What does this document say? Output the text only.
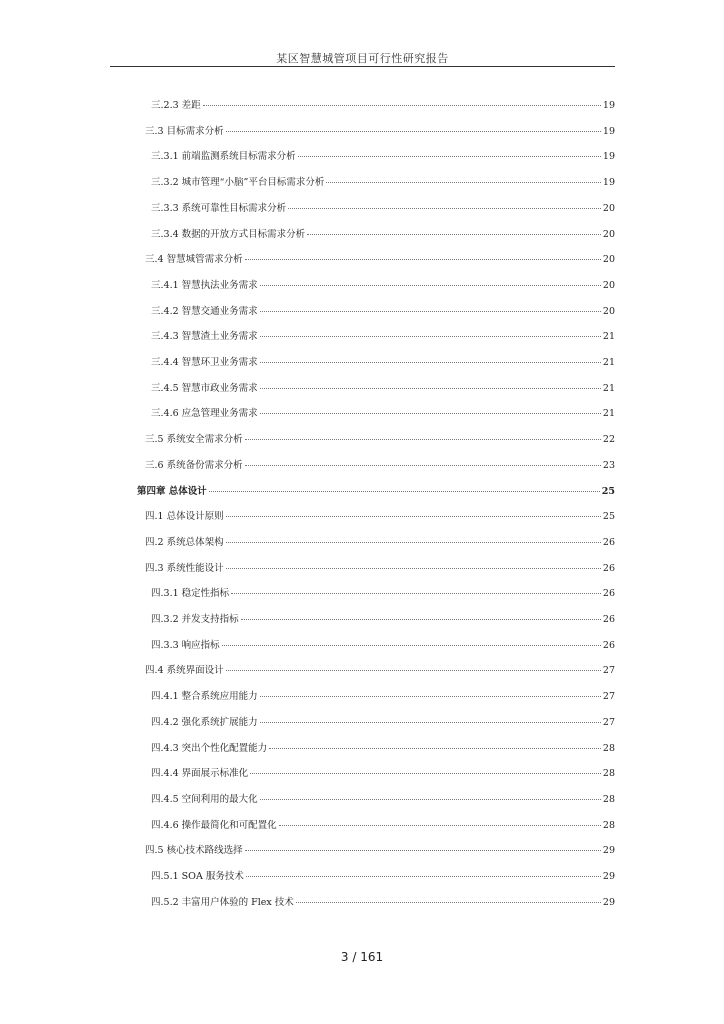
某区智慧城管项目可行性研究报告
三.2.3 差距	19
三.3 目标需求分析	19
三.3.1 前端监测系统目标需求分析	19
三.3.2 城市管理“小脑”平台目标需求分析	19
三.3.3 系统可靠性目标需求分析	20
三.3.4 数据的开放方式目标需求分析	20
三.4 智慧城管需求分析	20
三.4.1 智慧执法业务需求	20
三.4.2 智慧交通业务需求	20
三.4.3 智慧渣土业务需求	21
三.4.4 智慧环卫业务需求	21
三.4.5 智慧市政业务需求	21
三.4.6 应急管理业务需求	21
三.5 系统安全需求分析	22
三.6 系统备份需求分析	23
第四章 总体设计	25
四.1 总体设计原则	25
四.2 系统总体架构	26
四.3 系统性能设计	26
四.3.1 稳定性指标	26
四.3.2 并发支持指标	26
四.3.3 响应指标	26
四.4 系统界面设计	27
四.4.1 整合系统应用能力	27
四.4.2 强化系统扩展能力	27
四.4.3 突出个性化配置能力	28
四.4.4 界面展示标准化	28
四.4.5 空间利用的最大化	28
四.4.6 操作最简化和可配置化	28
四.5 核心技术路线选择	29
四.5.1 SOA 服务技术	29
四.5.2 丰富用户体验的 Flex 技术	29
3 / 161
